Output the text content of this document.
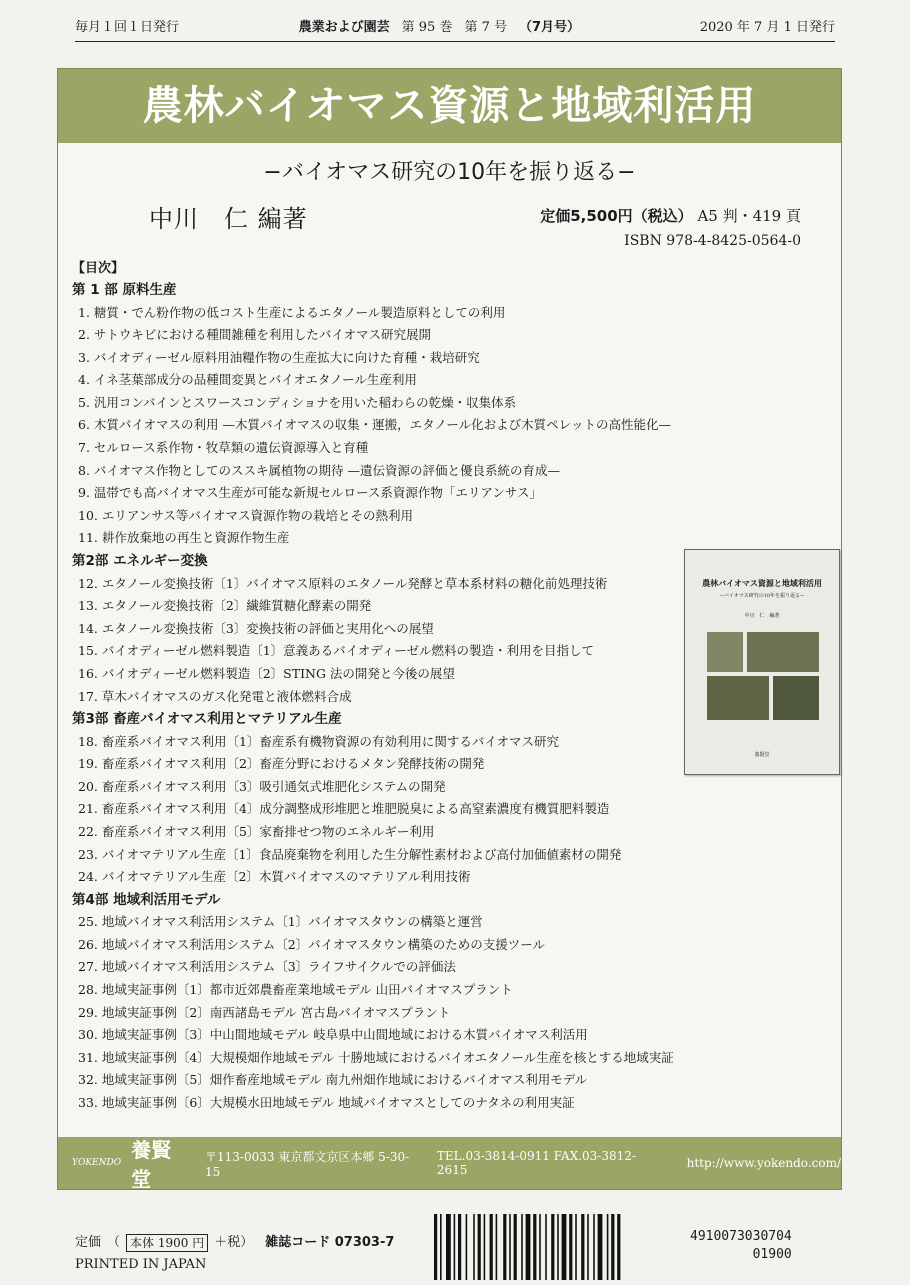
毎月１回１日発行	農業および園芸 第 95 巻 第 7 号 （7月号）	2020 年 7 月 1 日発行
農林バイオマス資源と地域利活用
−バイオマス研究の10年を振り返る−
中川　仁 編著	定価5,500円（税込） A5 判・419 頁
ISBN 978-4-8425-0564-0
【目次】
第 1 部 原料生産
1. 糖質・でん粉作物の低コスト生産によるエタノール製造原料としての利用
2. サトウキビにおける種間雑種を利用したバイオマス研究展開
3. バイオディーゼル原料用油糧作物の生産拡大に向けた育種・栽培研究
4. イネ茎葉部成分の品種間変異とバイオエタノール生産利用
5. 汎用コンバインとスワースコンディショナを用いた稲わらの乾燥・収集体系
6. 木質バイオマスの利用 —木質バイオマスの収集・運搬，エタノール化および木質ペレットの高性能化—
7. セルロース系作物・牧草類の遺伝資源導入と育種
8. バイオマス作物としてのススキ属植物の期待 —遺伝資源の評価と優良系統の育成—
9. 温帯でも高バイオマス生産が可能な新規セルロース系資源作物「エリアンサス」
10. エリアンサス等バイオマス資源作物の栽培とその熱利用
11. 耕作放棄地の再生と資源作物生産
第2部 エネルギー変換
12. エタノール変換技術〔1〕バイオマス原料のエタノール発酵と草本系材料の糖化前処理技術
13. エタノール変換技術〔2〕繊維質糖化酵素の開発
14. エタノール変換技術〔3〕変換技術の評価と実用化への展望
15. バイオディーゼル燃料製造〔1〕意義あるバイオディーゼル燃料の製造・利用を目指して
16. バイオディーゼル燃料製造〔2〕STING 法の開発と今後の展望
17. 草木バイオマスのガス化発電と液体燃料合成
第3部 畜産バイオマス利用とマテリアル生産
18. 畜産系バイオマス利用〔1〕畜産系有機物資源の有効利用に関するバイオマス研究
19. 畜産系バイオマス利用〔2〕畜産分野におけるメタン発酵技術の開発
20. 畜産系バイオマス利用〔3〕吸引通気式堆肥化システムの開発
21. 畜産系バイオマス利用〔4〕成分調整成形堆肥と堆肥脱臭による高窒素濃度有機質肥料製造
22. 畜産系バイオマス利用〔5〕家畜排せつ物のエネルギー利用
23. バイオマテリアル生産〔1〕食品廃棄物を利用した生分解性素材および高付加価値素材の開発
24. バイオマテリアル生産〔2〕木質バイオマスのマテリアル利用技術
第4部 地域利活用モデル
25. 地域バイオマス利活用システム〔1〕バイオマスタウンの構築と運営
26. 地域バイオマス利活用システム〔2〕バイオマスタウン構築のための支援ツール
27. 地域バイオマス利活用システム〔3〕ライフサイクルでの評価法
28. 地域実証事例〔1〕都市近郊農畜産業地域モデル 山田バイオマスプラント
29. 地域実証事例〔2〕南西諸島モデル 宮古島バイオマスプラント
30. 地域実証事例〔3〕中山間地域モデル 岐阜県中山間地域における木質バイオマス利活用
31. 地域実証事例〔4〕大規模畑作地域モデル 十勝地域におけるバイオエタノール生産を核とする地域実証
32. 地域実証事例〔5〕畑作畜産地域モデル 南九州畑作地域におけるバイオマス利用モデル
33. 地域実証事例〔6〕大規模水田地域モデル 地域バイオマスとしてのナタネの利用実証
農林バイオマス資源と地域利活用
−バイオマス研究の10年を振り返る−
中川　仁　編著
養賢堂
YOKENDO
養賢堂
〒113-0033 東京都文京区本郷 5-30-15
TEL.03-3814-0911 FAX.03-3812-2615	http://www.yokendo.com/
定価 （ 本体 1900 円 ＋税） 雑誌コード 07303-7
PRINTED IN JAPAN
4910073030704
01900
